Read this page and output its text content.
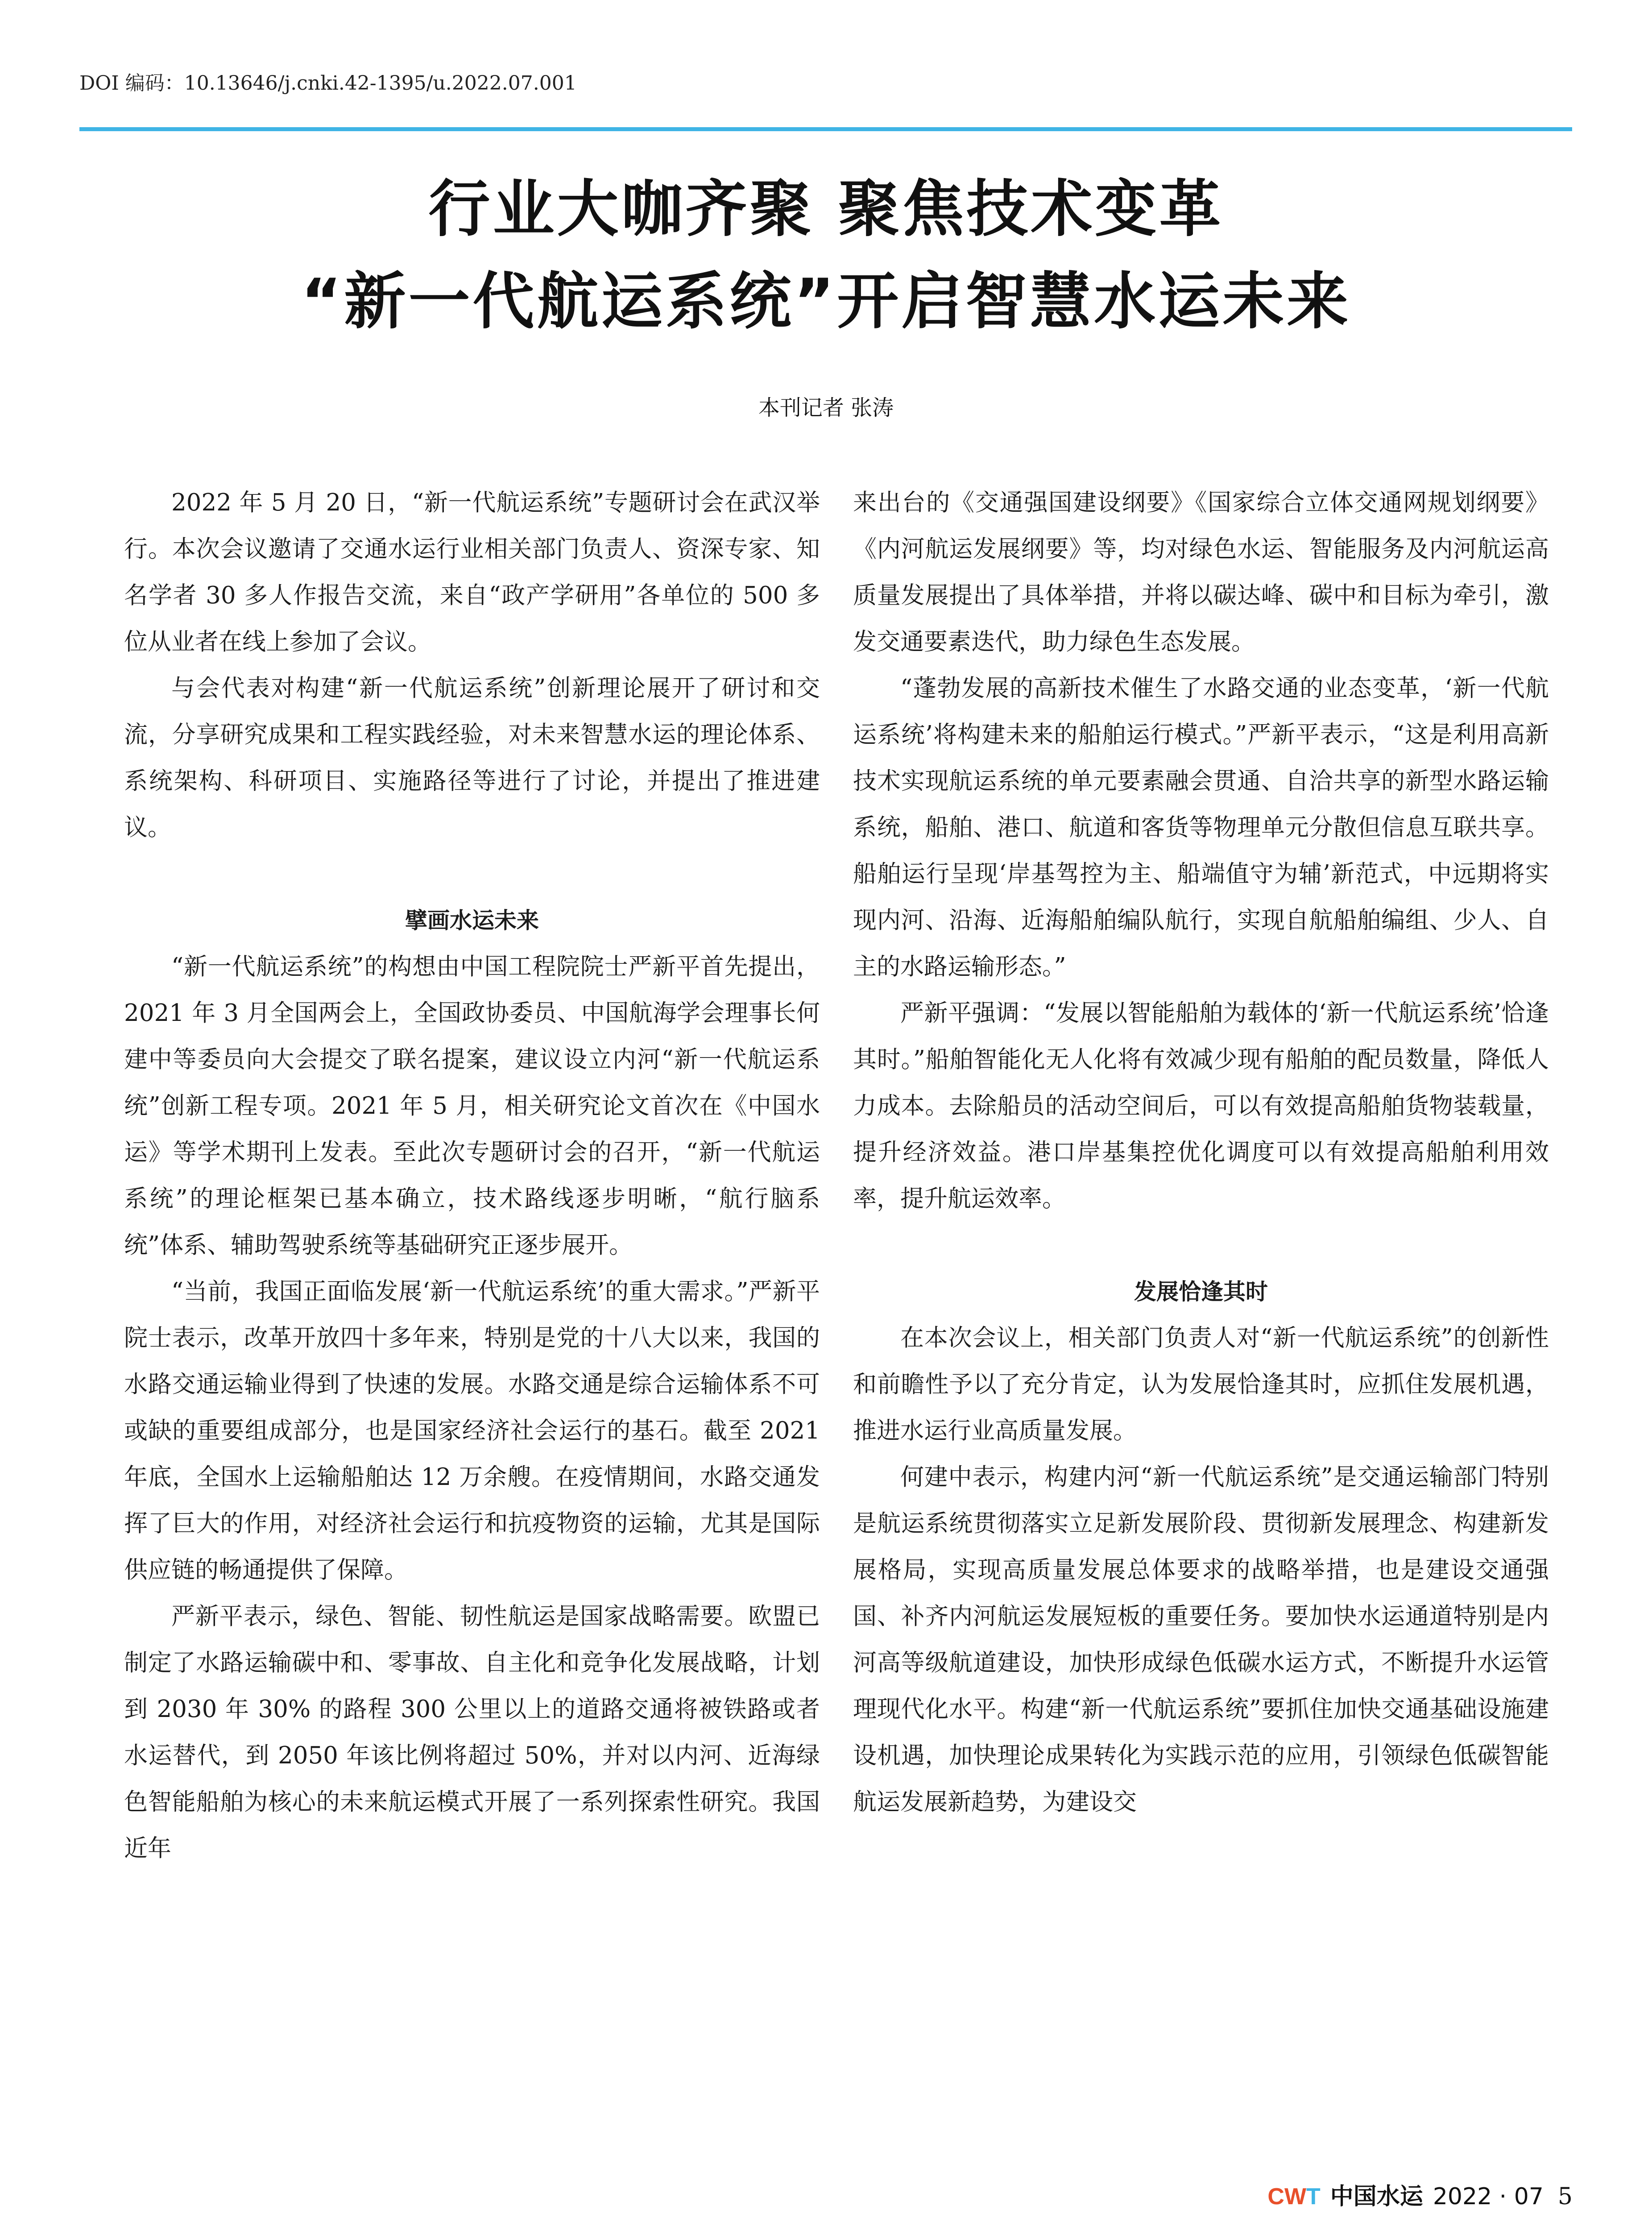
DOI 编码：10.13646/j.cnki.42-1395/u.2022.07.001
行业大咖齐聚 聚焦技术变革
“新一代航运系统”开启智慧水运未来
本刊记者 张涛

2022 年 5 月 20 日，“新一代航运系统”专题研讨会在武汉举行。本次会议邀请了交通水运行业相关部门负责人、资深专家、知名学者 30 多人作报告交流，来自“政产学研用”各单位的 500 多位从业者在线上参加了会议。

与会代表对构建“新一代航运系统”创新理论展开了研讨和交流，分享研究成果和工程实践经验，对未来智慧水运的理论体系、系统架构、科研项目、实施路径等进行了讨论，并提出了推进建议。

擘画水运未来

“新一代航运系统”的构想由中国工程院院士严新平首先提出，2021 年 3 月全国两会上，全国政协委员、中国航海学会理事长何建中等委员向大会提交了联名提案，建议设立内河“新一代航运系统”创新工程专项。2021 年 5 月，相关研究论文首次在《中国水运》等学术期刊上发表。至此次专题研讨会的召开，“新一代航运系统”的理论框架已基本确立，技术路线逐步明晰，“航行脑系统”体系、辅助驾驶系统等基础研究正逐步展开。

“当前，我国正面临发展‘新一代航运系统’的重大需求。”严新平院士表示，改革开放四十多年来，特别是党的十八大以来，我国的水路交通运输业得到了快速的发展。水路交通是综合运输体系不可或缺的重要组成部分，也是国家经济社会运行的基石。截至 2021 年底，全国水上运输船舶达 12 万余艘。在疫情期间，水路交通发挥了巨大的作用，对经济社会运行和抗疫物资的运输，尤其是国际供应链的畅通提供了保障。

严新平表示，绿色、智能、韧性航运是国家战略需要。欧盟已制定了水路运输碳中和、零事故、自主化和竞争化发展战略，计划到 2030 年 30% 的路程 300 公里以上的道路交通将被铁路或者水运替代，到 2050 年该比例将超过 50%，并对以内河、近海绿色智能船舶为核心的未来航运模式开展了一系列探索性研究。我国近年

来出台的《交通强国建设纲要》《国家综合立体交通网规划纲要》《内河航运发展纲要》等，均对绿色水运、智能服务及内河航运高质量发展提出了具体举措，并将以碳达峰、碳中和目标为牵引，激发交通要素迭代，助力绿色生态发展。

“蓬勃发展的高新技术催生了水路交通的业态变革，‘新一代航运系统’将构建未来的船舶运行模式。”严新平表示，“这是利用高新技术实现航运系统的单元要素融会贯通、自洽共享的新型水路运输系统，船舶、港口、航道和客货等物理单元分散但信息互联共享。船舶运行呈现‘岸基驾控为主、船端值守为辅’新范式，中远期将实现内河、沿海、近海船舶编队航行，实现自航船舶编组、少人、自主的水路运输形态。”

严新平强调：“发展以智能船舶为载体的‘新一代航运系统’恰逢其时。”船舶智能化无人化将有效减少现有船舶的配员数量，降低人力成本。去除船员的活动空间后，可以有效提高船舶货物装载量，提升经济效益。港口岸基集控优化调度可以有效提高船舶利用效率，提升航运效率。

发展恰逢其时

在本次会议上，相关部门负责人对“新一代航运系统”的创新性和前瞻性予以了充分肯定，认为发展恰逢其时，应抓住发展机遇，推进水运行业高质量发展。

何建中表示，构建内河“新一代航运系统”是交通运输部门特别是航运系统贯彻落实立足新发展阶段、贯彻新发展理念、构建新发展格局，实现高质量发展总体要求的战略举措，也是建设交通强国、补齐内河航运发展短板的重要任务。要加快水运通道特别是内河高等级航道建设，加快形成绿色低碳水运方式，不断提升水运管理现代化水平。构建“新一代航运系统”要抓住加快交通基础设施建设机遇，加快理论成果转化为实践示范的应用，引领绿色低碳智能航运发展新趋势，为建设交

CWT 中国水运 2022 · 07 5
